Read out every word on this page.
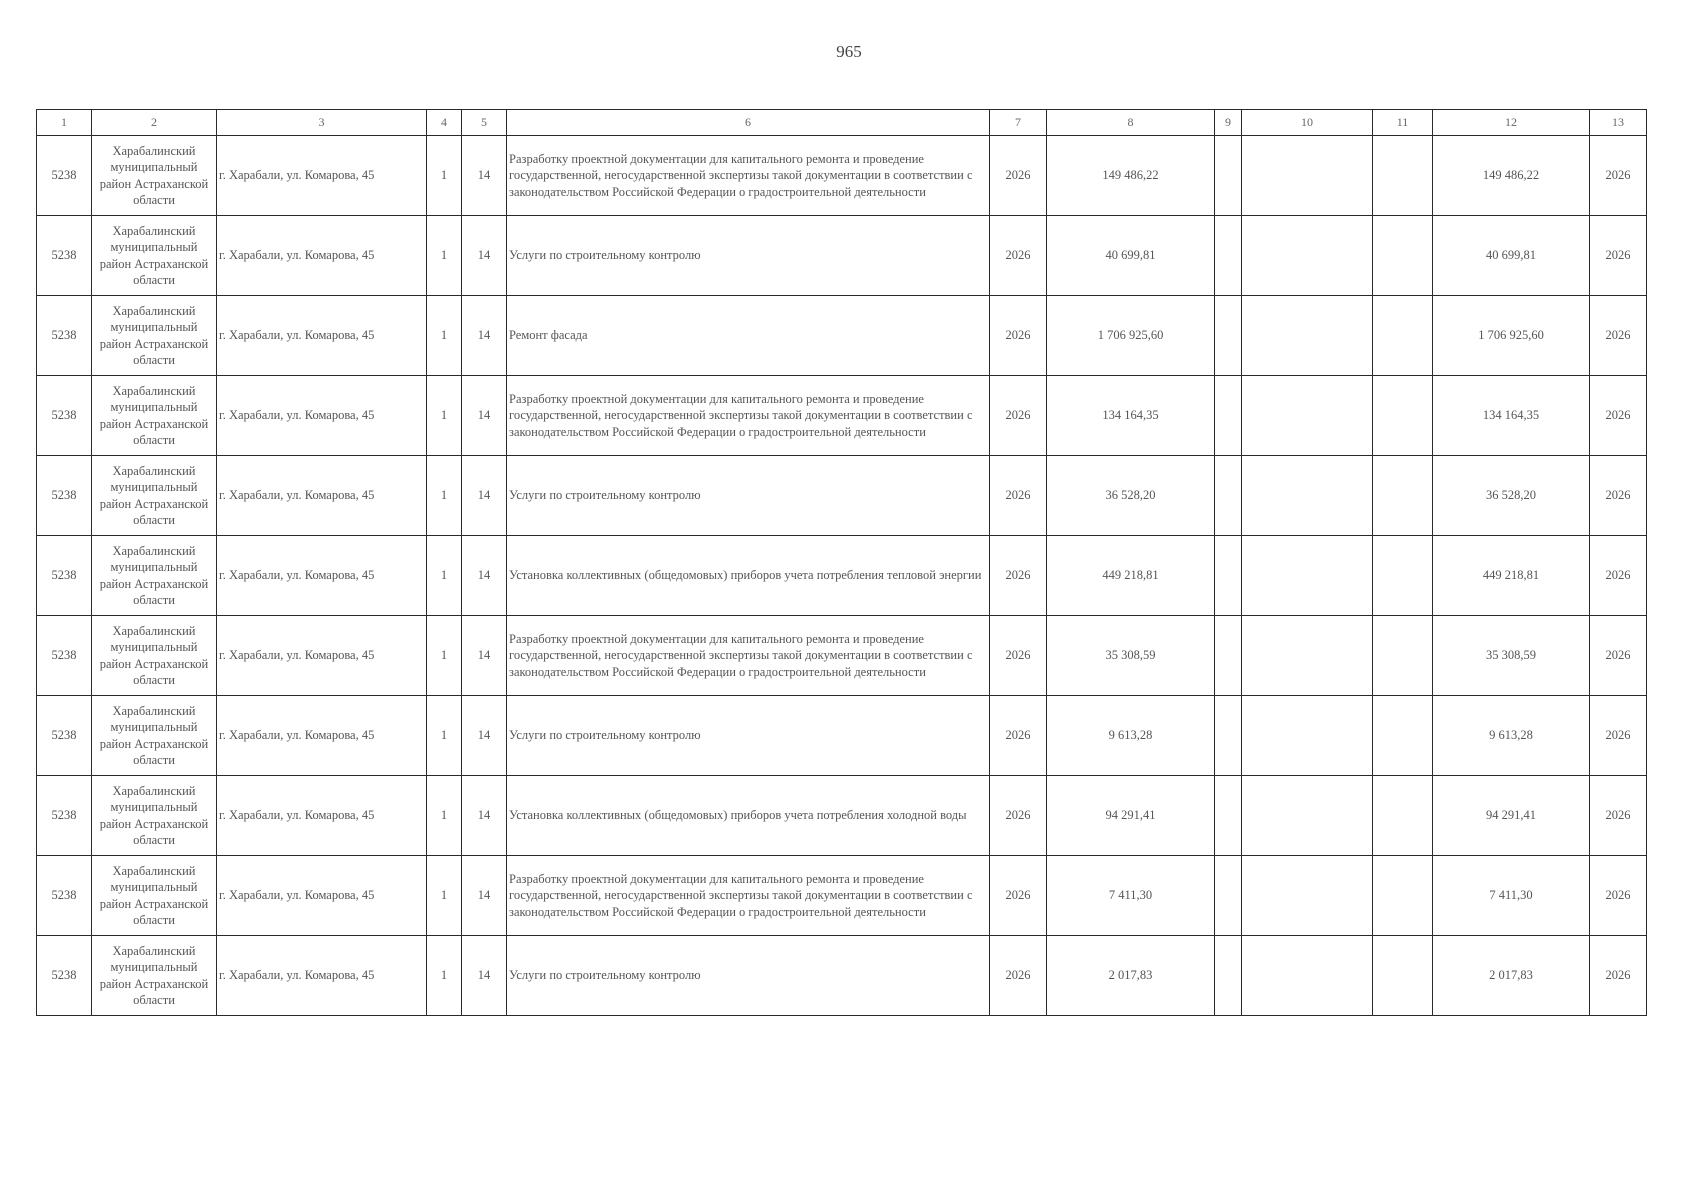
965
1	2	3	4	5	6	7	8	9	10	11	12	13
5238	Харабалинский муниципальный район Астраханской области	г. Харабали, ул. Комарова, 45	1	14	Разработку проектной документации для капитального ремонта и проведение государственной, негосударственной экспертизы такой документации в соответствии с законодательством Российской Федерации о градостроительной деятельности	2026	149 486,22				149 486,22	2026
5238	Харабалинский муниципальный район Астраханской области	г. Харабали, ул. Комарова, 45	1	14	Услуги по строительному контролю	2026	40 699,81				40 699,81	2026
5238	Харабалинский муниципальный район Астраханской области	г. Харабали, ул. Комарова, 45	1	14	Ремонт фасада	2026	1 706 925,60				1 706 925,60	2026
5238	Харабалинский муниципальный район Астраханской области	г. Харабали, ул. Комарова, 45	1	14	Разработку проектной документации для капитального ремонта и проведение государственной, негосударственной экспертизы такой документации в соответствии с законодательством Российской Федерации о градостроительной деятельности	2026	134 164,35				134 164,35	2026
5238	Харабалинский муниципальный район Астраханской области	г. Харабали, ул. Комарова, 45	1	14	Услуги по строительному контролю	2026	36 528,20				36 528,20	2026
5238	Харабалинский муниципальный район Астраханской области	г. Харабали, ул. Комарова, 45	1	14	Установка коллективных (общедомовых) приборов учета потребления тепловой энергии	2026	449 218,81				449 218,81	2026
5238	Харабалинский муниципальный район Астраханской области	г. Харабали, ул. Комарова, 45	1	14	Разработку проектной документации для капитального ремонта и проведение государственной, негосударственной экспертизы такой документации в соответствии с законодательством Российской Федерации о градостроительной деятельности	2026	35 308,59				35 308,59	2026
5238	Харабалинский муниципальный район Астраханской области	г. Харабали, ул. Комарова, 45	1	14	Услуги по строительному контролю	2026	9 613,28				9 613,28	2026
5238	Харабалинский муниципальный район Астраханской области	г. Харабали, ул. Комарова, 45	1	14	Установка коллективных (общедомовых) приборов учета потребления холодной воды	2026	94 291,41				94 291,41	2026
5238	Харабалинский муниципальный район Астраханской области	г. Харабали, ул. Комарова, 45	1	14	Разработку проектной документации для капитального ремонта и проведение государственной, негосударственной экспертизы такой документации в соответствии с законодательством Российской Федерации о градостроительной деятельности	2026	7 411,30				7 411,30	2026
5238	Харабалинский муниципальный район Астраханской области	г. Харабали, ул. Комарова, 45	1	14	Услуги по строительному контролю	2026	2 017,83				2 017,83	2026
